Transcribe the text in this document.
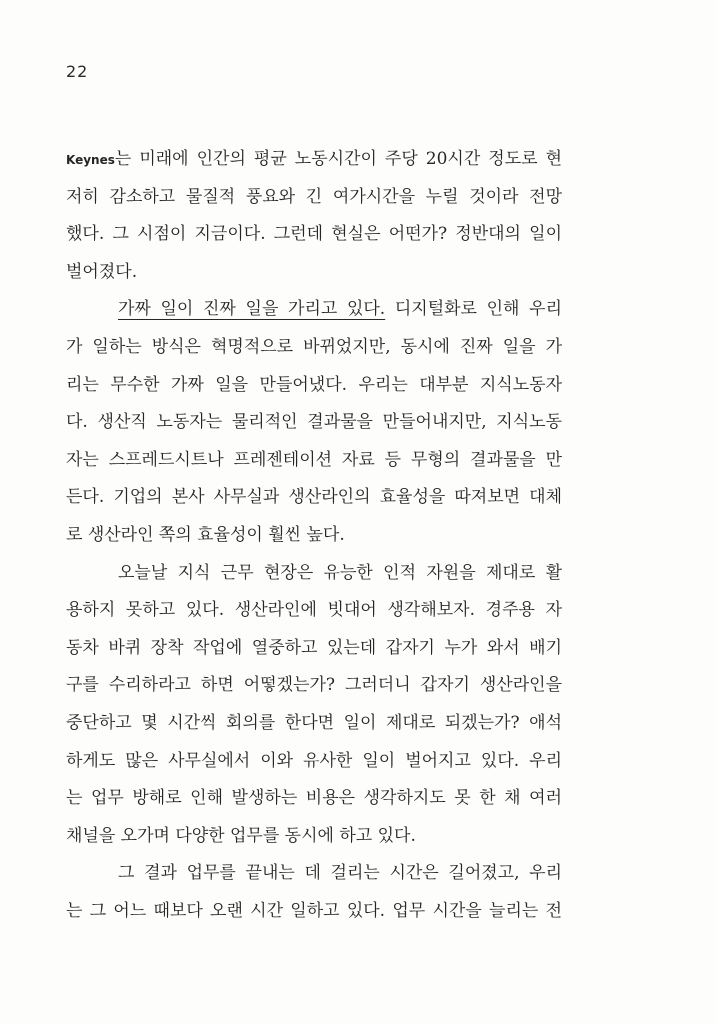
22
Keynes는 미래에 인간의 평균 노동시간이 주당 20시간 정도로 현
저히 감소하고 물질적 풍요와 긴 여가시간을 누릴 것이라 전망
했다. 그 시점이 지금이다. 그런데 현실은 어떤가? 정반대의 일이
벌어졌다.
가짜 일이 진짜 일을 가리고 있다. 디지털화로 인해 우리
가 일하는 방식은 혁명적으로 바뀌었지만, 동시에 진짜 일을 가
리는 무수한 가짜 일을 만들어냈다. 우리는 대부분 지식노동자
다. 생산직 노동자는 물리적인 결과물을 만들어내지만, 지식노동
자는 스프레드시트나 프레젠테이션 자료 등 무형의 결과물을 만
든다. 기업의 본사 사무실과 생산라인의 효율성을 따져보면 대체
로 생산라인 쪽의 효율성이 훨씬 높다.
오늘날 지식 근무 현장은 유능한 인적 자원을 제대로 활
용하지 못하고 있다. 생산라인에 빗대어 생각해보자. 경주용 자
동차 바퀴 장착 작업에 열중하고 있는데 갑자기 누가 와서 배기
구를 수리하라고 하면 어떻겠는가? 그러더니 갑자기 생산라인을
중단하고 몇 시간씩 회의를 한다면 일이 제대로 되겠는가? 애석
하게도 많은 사무실에서 이와 유사한 일이 벌어지고 있다. 우리
는 업무 방해로 인해 발생하는 비용은 생각하지도 못 한 채 여러
채널을 오가며 다양한 업무를 동시에 하고 있다.
그 결과 업무를 끝내는 데 걸리는 시간은 길어졌고, 우리
는 그 어느 때보다 오랜 시간 일하고 있다. 업무 시간을 늘리는 전
